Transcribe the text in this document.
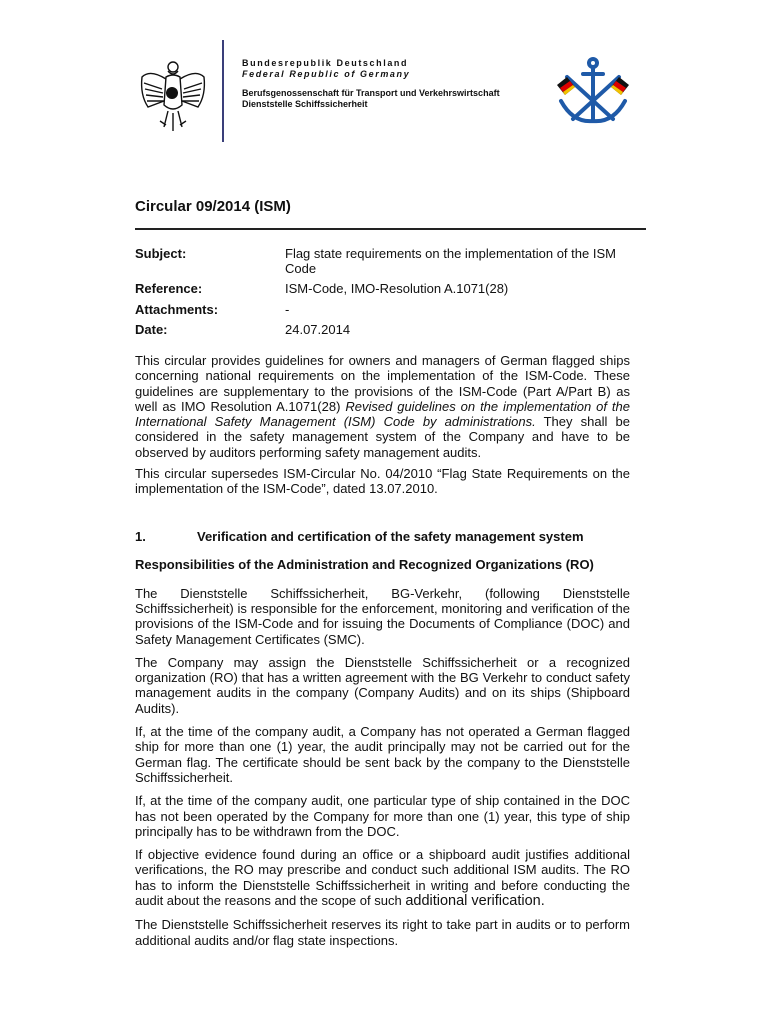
Bundesrepublik Deutschland
Federal Republic of Germany
Berufsgenossenschaft für Transport und Verkehrswirtschaft
Dienststelle Schiffssicherheit
Circular 09/2014 (ISM)
Subject:	Flag state requirements on the implementation of the ISM Code
Reference:	ISM-Code, IMO-Resolution A.1071(28)
Attachments:	-
Date:	24.07.2014

This circular provides guidelines for owners and managers of German flagged ships concerning national requirements on the implementation of the ISM-Code. These guidelines are supplementary to the provisions of the ISM-Code (Part A/Part B) as well as IMO Resolution A.1071(28) Revised guidelines on the implementation of the International Safety Management (ISM) Code by administrations. They shall be considered in the safety management system of the Company and have to be observed by auditors performing safety management audits.

This circular supersedes ISM-Circular No. 04/2010 “Flag State Requirements on the implementation of the ISM-Code”, dated 13.07.2010.

1.	Verification and certification of the safety management system
Responsibilities of the Administration and Recognized Organizations (RO)

The Dienststelle Schiffssicherheit, BG-Verkehr, (following Dienststelle Schiffssicherheit) is responsible for the enforcement, monitoring and verification of the provisions of the ISM-Code and for issuing the Documents of Compliance (DOC) and Safety Management Certificates (SMC).

The Company may assign the Dienststelle Schiffssicherheit or a recognized organization (RO) that has a written agreement with the BG Verkehr to conduct safety management audits in the company (Company Audits) and on its ships (Shipboard Audits).

If, at the time of the company audit, a Company has not operated a German flagged ship for more than one (1) year, the audit principally may not be carried out for the German flag. The certificate should be sent back by the company to the Dienststelle Schiffssicherheit.

If, at the time of the company audit, one particular type of ship contained in the DOC has not been operated by the Company for more than one (1) year, this type of ship principally has to be withdrawn from the DOC.

If objective evidence found during an office or a shipboard audit justifies additional verifications, the RO may prescribe and conduct such additional ISM audits. The RO has to inform the Dienststelle Schiffssicherheit in writing and before conducting the audit about the reasons and the scope of such additional verification.

The Dienststelle Schiffssicherheit reserves its right to take part in audits or to perform additional audits and/or flag state inspections.
